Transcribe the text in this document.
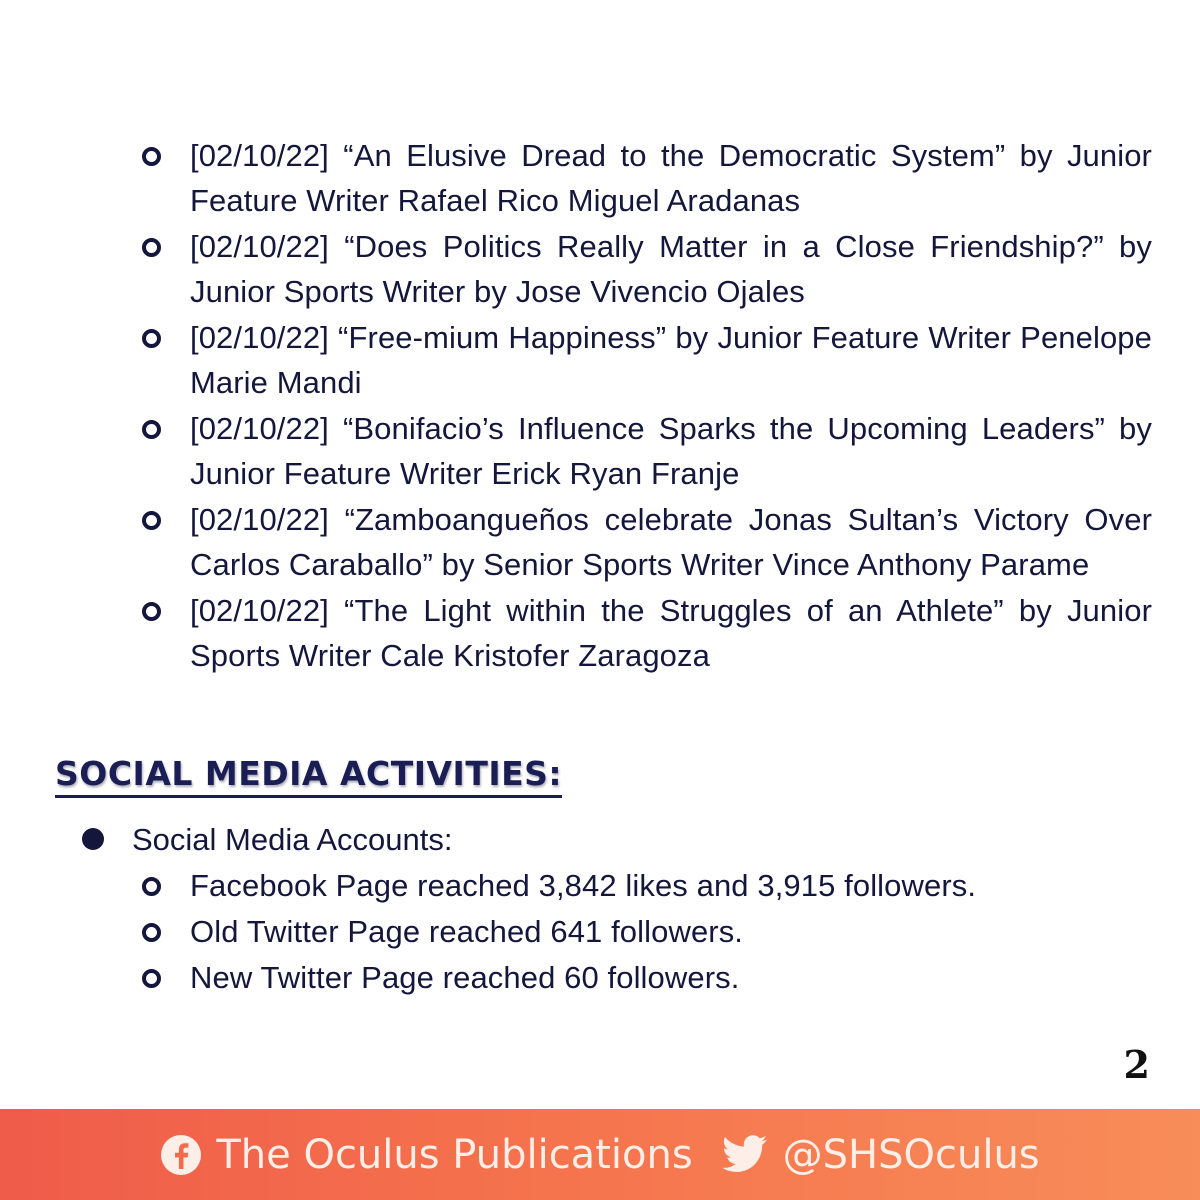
[02/10/22] “An Elusive Dread to the Democratic System” by Junior Feature Writer Rafael Rico Miguel Aradanas
[02/10/22] “Does Politics Really Matter in a Close Friendship?” by Junior Sports Writer by Jose Vivencio Ojales
[02/10/22] “Free-mium Happiness” by Junior Feature Writer Penelope Marie Mandi
[02/10/22] “Bonifacio’s Influence Sparks the Upcoming Leaders” by Junior Feature Writer Erick Ryan Franje
[02/10/22] “Zamboangueños celebrate Jonas Sultan’s Victory Over Carlos Caraballo” by Senior Sports Writer Vince Anthony Parame
[02/10/22] “The Light within the Struggles of an Athlete” by Junior Sports Writer Cale Kristofer Zaragoza
SOCIAL MEDIA ACTIVITIES:
Social Media Accounts:
Facebook Page reached 3,842 likes and 3,915 followers.
Old Twitter Page reached 641 followers.
New Twitter Page reached 60 followers.
2
The Oculus Publications @SHSOculus
